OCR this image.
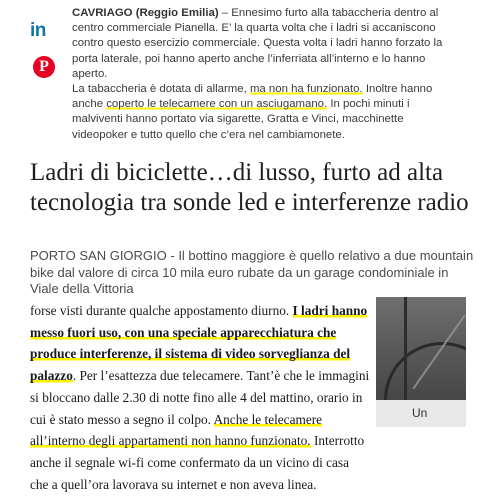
in
P

CAVRIAGO (Reggio Emilia) – Ennesimo furto alla tabaccheria dentro al centro commerciale Pianella. E’ la quarta volta che i ladri si accaniscono contro questo esercizio commerciale. Questa volta i ladri hanno forzato la porta laterale, poi hanno aperto anche l’inferriata all’interno e lo hanno aperto.

La tabaccheria è dotata di allarme, ma non ha funzionato. Inoltre hanno anche coperto le telecamere con un asciugamano. In pochi minuti i malviventi hanno portato via sigarette, Gratta e Vinci, macchinette videopoker e tutto quello che c’era nel cambiamonete.

Ladri di biciclette…di lusso, furto ad alta tecnologia tra sonde led e interferenze radio
PORTO SAN GIORGIO - Il bottino maggiore è quello relativo a due mountain bike dal valore di circa 10 mila euro rubate da un garage condominiale in Viale della Vittoria

forse visti durante qualche appostamento diurno. I ladri hanno messo fuori uso, con una speciale apparecchiatura che produce interferenze, il sistema di video sorveglianza del palazzo. Per l’esattezza due telecamere. Tant’è che le immagini si bloccano dalle 2.30 di notte fino alle 4 del mattino, orario in cui è stato messo a segno il colpo. Anche le telecamere all’interno degli appartamenti non hanno funzionato. Interrotto anche il segnale wi-fi come confermato da un vicino di casa che a quell’ora lavorava su internet e non aveva linea.

Un
